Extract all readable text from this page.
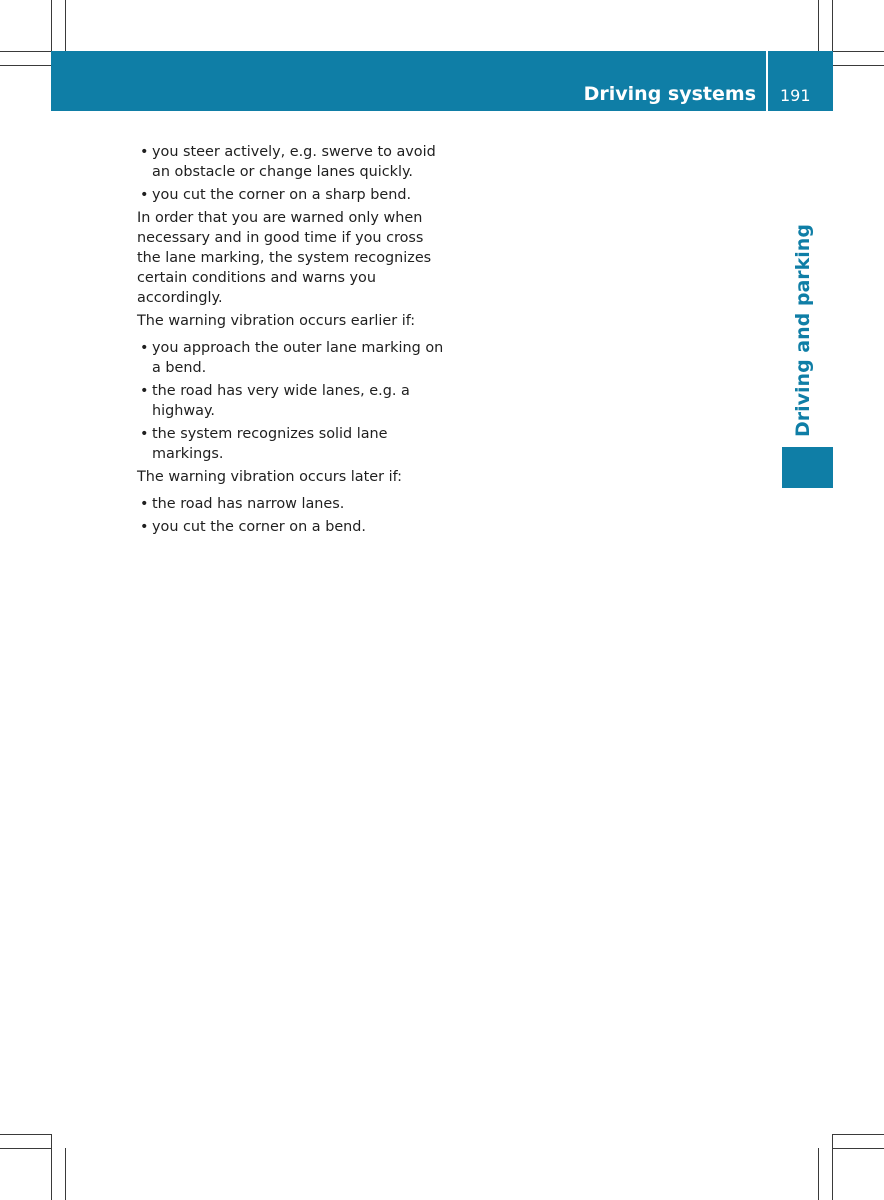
Driving systems 191
Driving and parking
• you steer actively, e.g. swerve to avoid an obstacle or change lanes quickly.
• you cut the corner on a sharp bend.

In order that you are warned only when necessary and in good time if you cross the lane marking, the system recognizes certain conditions and warns you accordingly.

The warning vibration occurs earlier if:

• you approach the outer lane marking on a bend.
• the road has very wide lanes, e.g. a highway.
• the system recognizes solid lane markings.

The warning vibration occurs later if:

• the road has narrow lanes.
• you cut the corner on a bend.
